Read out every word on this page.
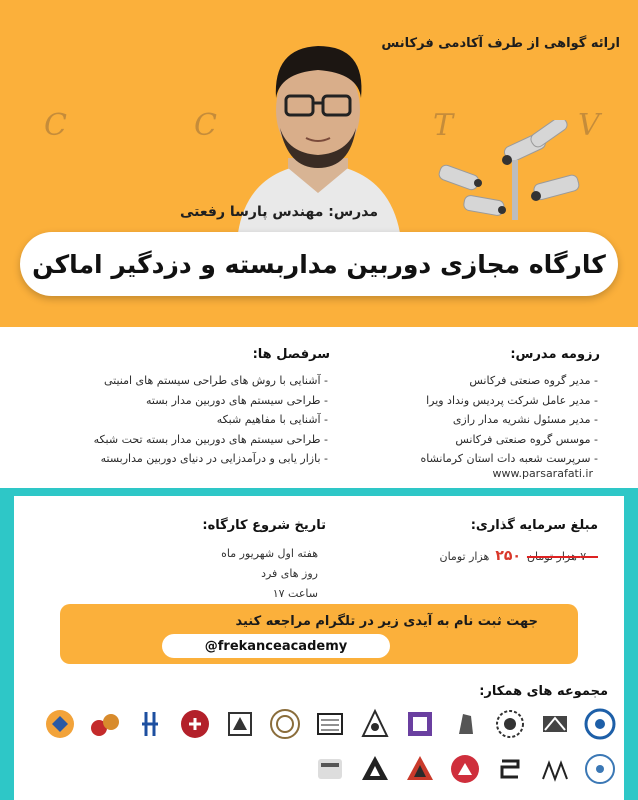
ارائه گواهی از طرف آکادمی فرکانس
C	C	T	V
مدرس: مهندس پارسا رفعتی
کارگاه مجازی دوربین مداربسته و دزدگیر اماکن
رزومه مدرس:
- مدیر گروه صنعتی فرکانس
- مدیر عامل شرکت پردیس ونداد ویرا
- مدیر مسئول نشریه مدار رازی
- موسس گروه صنعتی فرکانس
- سرپرست شعبه دات استان کرمانشاه
www.parsarafati.ir
سرفصل ها:
- آشنایی با روش های طراحی سیستم های امنیتی
- طراحی سیستم های دوربین مدار بسته
- آشنایی با مفاهیم شبکه
- طراحی سیستم های دوربین مدار بسته تحت شبکه
- بازار یابی و درآمدزایی در دنیای دوربین مداربسته
مبلغ سرمایه گذاری:
۷۰۰ هزار تومان
۲۵۰
هزار تومان
تاریخ شروع کارگاه:
هفته اول شهریور ماه
روز های فرد
ساعت ۱۷
جهت ثبت نام به آیدی زیر در تلگرام مراجعه کنید
@frekanceacademy
مجموعه های همکار:
